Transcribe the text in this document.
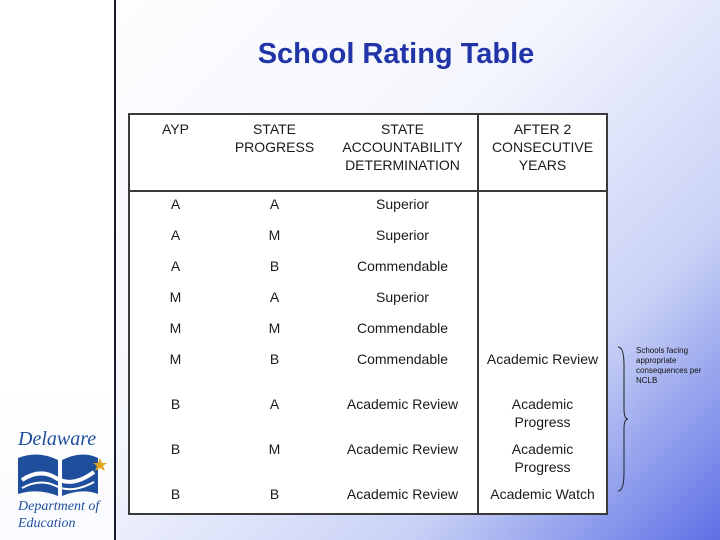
School Rating Table
AYP	STATE PROGRESS	STATE ACCOUNTABILITY DETERMINATION	AFTER 2 CONSECUTIVE YEARS
A	A	Superior	
A	M	Superior	
A	B	Commendable	
M	A	Superior	
M	M	Commendable	
M	B	Commendable	Academic Review
B	A	Academic Review	Academic Progress
B	M	Academic Review	Academic Progress
B	B	Academic Review	Academic Watch
Schools facing appropriate consequences per NCLB
Delaware
Department of Education
